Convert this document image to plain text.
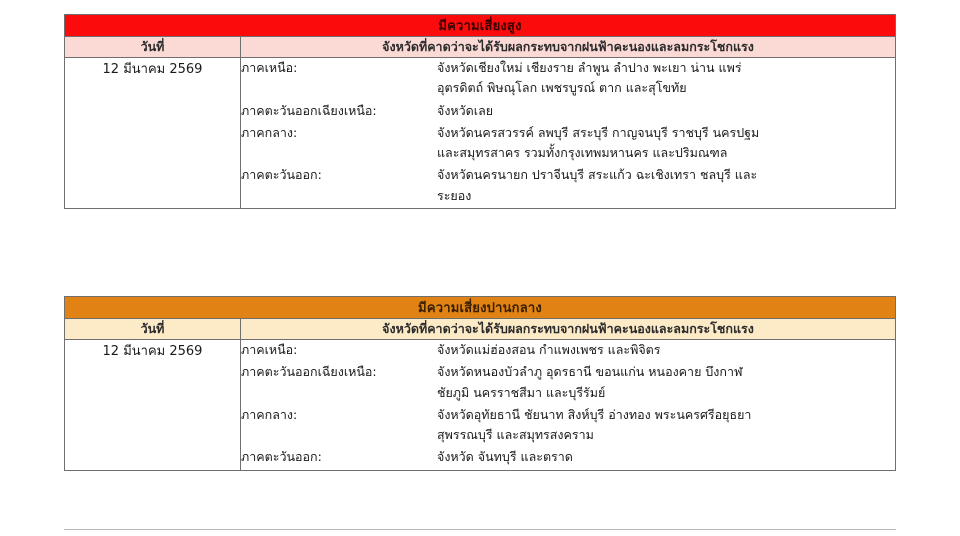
มีความเสี่ยงสูง	
วันที่	จังหวัดที่คาดว่าจะได้รับผลกระทบจากฝนฟ้าคะนองและลมกระโชกแรง
12 มีนาคม 2569	ภาคเหนือ:	จังหวัดเชียงใหม่ เชียงราย ลำพูน ลำปาง พะเยา น่าน แพร่
อุตรดิตถ์ พิษณุโลก เพชรบูรณ์ ตาก และสุโขทัย
ภาคตะวันออกเฉียงเหนือ:	จังหวัดเลย
ภาคกลาง:	จังหวัดนครสวรรค์ ลพบุรี สระบุรี กาญจนบุรี ราชบุรี นครปฐม
และสมุทรสาคร รวมทั้งกรุงเทพมหานคร และปริมณฑล
ภาคตะวันออก:	จังหวัดนครนายก ปราจีนบุรี สระแก้ว ฉะเชิงเทรา ชลบุรี และ
ระยอง
มีความเสี่ยงปานกลาง	
วันที่	จังหวัดที่คาดว่าจะได้รับผลกระทบจากฝนฟ้าคะนองและลมกระโชกแรง
12 มีนาคม 2569	ภาคเหนือ:	จังหวัดแม่ฮ่องสอน กำแพงเพชร และพิจิตร
ภาคตะวันออกเฉียงเหนือ:	จังหวัดหนองบัวลำภู อุดรธานี ขอนแก่น หนองคาย บึงกาฬ
ชัยภูมิ นครราชสีมา และบุรีรัมย์
ภาคกลาง:	จังหวัดอุทัยธานี ชัยนาท สิงห์บุรี อ่างทอง พระนครศรีอยุธยา
สุพรรณบุรี และสมุทรสงคราม
ภาคตะวันออก:	จังหวัด จันทบุรี และตราด
